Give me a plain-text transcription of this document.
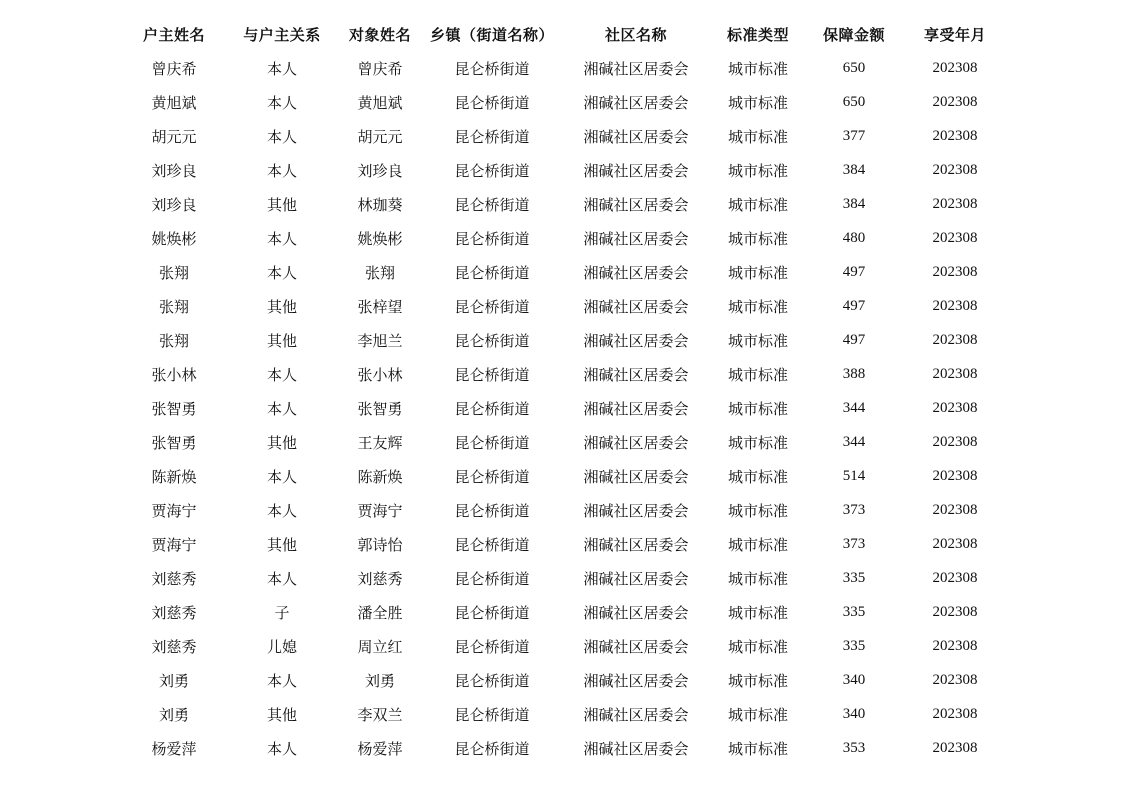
户主姓名	与户主关系	对象姓名	乡镇（街道名称）	社区名称	标准类型	保障金额	享受年月
曾庆希	本人	曾庆希	昆仑桥街道	湘碱社区居委会	城市标准	650	202308
黄旭斌	本人	黄旭斌	昆仑桥街道	湘碱社区居委会	城市标准	650	202308
胡元元	本人	胡元元	昆仑桥街道	湘碱社区居委会	城市标准	377	202308
刘珍良	本人	刘珍良	昆仑桥街道	湘碱社区居委会	城市标准	384	202308
刘珍良	其他	林珈葵	昆仑桥街道	湘碱社区居委会	城市标准	384	202308
姚焕彬	本人	姚焕彬	昆仑桥街道	湘碱社区居委会	城市标准	480	202308
张翔	本人	张翔	昆仑桥街道	湘碱社区居委会	城市标准	497	202308
张翔	其他	张梓望	昆仑桥街道	湘碱社区居委会	城市标准	497	202308
张翔	其他	李旭兰	昆仑桥街道	湘碱社区居委会	城市标准	497	202308
张小林	本人	张小林	昆仑桥街道	湘碱社区居委会	城市标准	388	202308
张智勇	本人	张智勇	昆仑桥街道	湘碱社区居委会	城市标准	344	202308
张智勇	其他	王友辉	昆仑桥街道	湘碱社区居委会	城市标准	344	202308
陈新焕	本人	陈新焕	昆仑桥街道	湘碱社区居委会	城市标准	514	202308
贾海宁	本人	贾海宁	昆仑桥街道	湘碱社区居委会	城市标准	373	202308
贾海宁	其他	郭诗怡	昆仑桥街道	湘碱社区居委会	城市标准	373	202308
刘慈秀	本人	刘慈秀	昆仑桥街道	湘碱社区居委会	城市标准	335	202308
刘慈秀	子	潘全胜	昆仑桥街道	湘碱社区居委会	城市标准	335	202308
刘慈秀	儿媳	周立红	昆仑桥街道	湘碱社区居委会	城市标准	335	202308
刘勇	本人	刘勇	昆仑桥街道	湘碱社区居委会	城市标准	340	202308
刘勇	其他	李双兰	昆仑桥街道	湘碱社区居委会	城市标准	340	202308
杨爱萍	本人	杨爱萍	昆仑桥街道	湘碱社区居委会	城市标准	353	202308
